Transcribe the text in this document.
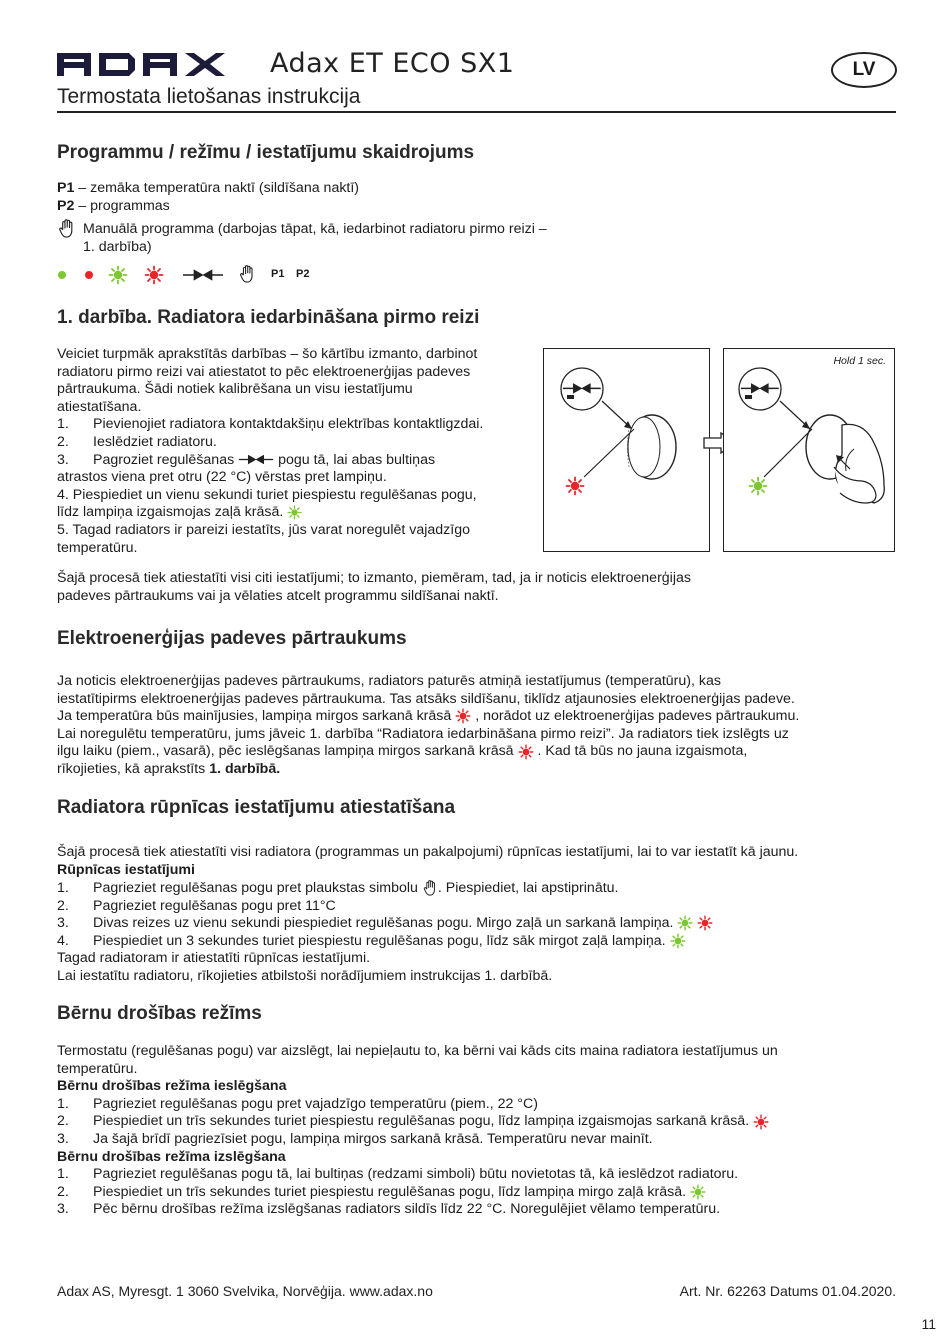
Adax ET ECO SX1
Termostata lietošanas instrukcija
LV
Programmu / režīmu / iestatījumu skaidrojums

P1 – zemāka temperatūra naktī (sildīšana naktī)

P2 – programmas

Manuālā programma (darbojas tāpat, kā, iedarbinot radiatoru pirmo reizi –

1. darbība)

P1 P2
1. darbība. Radiatora iedarbināšana pirmo reizi

Veiciet turpmāk aprakstītās darbības – šo kārtību izmanto, darbinot

radiatoru pirmo reizi vai atiestatot to pēc elektroenerģijas padeves

pārtraukuma. Šādi notiek kalibrēšana un visu iestatījumu

atiestatīšana.

1. Pievienojiet radiatora kontaktdakšiņu elektrības kontaktligzdai.

2. Ieslēdziet radiatoru.

3. Pagroziet regulēšanas	pogu tā, lai abas bultiņas

atrastos viena pret otru (22 °C) vērstas pret lampiņu.

4. Piespiediet un vienu sekundi turiet piespiestu regulēšanas pogu,

līdz lampiņa izgaismojas zaļā krāsā.

5. Tagad radiators ir pareizi iestatīts, jūs varat noregulēt vajadzīgo

temperatūru.

Hold 1 sec.

Šajā procesā tiek atiestatīti visi citi iestatījumi; to izmanto, piemēram, tad, ja ir noticis elektroenerģijas

padeves pārtraukums vai ja vēlaties atcelt programmu sildīšanai naktī.

Elektroenerģijas padeves pārtraukums

Ja noticis elektroenerģijas padeves pārtraukums, radiators paturēs atmiņā iestatījumus (temperatūru), kas

iestatītipirms elektroenerģijas padeves pārtraukuma. Tas atsāks sildīšanu, tiklīdz atjaunosies elektroenerģijas padeve.

Ja temperatūra būs mainījusies, lampiņa mirgos sarkanā krāsā , norādot uz elektroenerģijas padeves pārtraukumu.

Lai noregulētu temperatūru, jums jāveic 1. darbība “Radiatora iedarbināšana pirmo reizi”. Ja radiators tiek izslēgts uz

ilgu laiku (piem., vasarā), pēc ieslēgšanas lampiņa mirgos sarkanā krāsā . Kad tā būs no jauna izgaismota,

rīkojieties, kā aprakstīts 1. darbībā.

Radiatora rūpnīcas iestatījumu atiestatīšana

Šajā procesā tiek atiestatīti visi radiatora (programmas un pakalpojumi) rūpnīcas iestatījumi, lai to var iestatīt kā jaunu.

Rūpnīcas iestatījumi

1. Pagrieziet regulēšanas pogu pret plaukstas simbolu . Piespiediet, lai apstiprinātu.

2. Pagrieziet regulēšanas pogu pret 11°C

3. Divas reizes uz vienu sekundi piespiediet regulēšanas pogu. Mirgo zaļā un sarkanā lampiņa.

4. Piespiediet un 3 sekundes turiet piespiestu regulēšanas pogu, līdz sāk mirgot zaļā lampiņa.

Tagad radiatoram ir atiestatīti rūpnīcas iestatījumi.

Lai iestatītu radiatoru, rīkojieties atbilstoši norādījumiem instrukcijas 1. darbībā.

Bērnu drošības režīms

Termostatu (regulēšanas pogu) var aizslēgt, lai nepieļautu to, ka bērni vai kāds cits maina radiatora iestatījumus un

temperatūru.

Bērnu drošības režīma ieslēgšana

1. Pagrieziet regulēšanas pogu pret vajadzīgo temperatūru (piem., 22 °C)

2. Piespiediet un trīs sekundes turiet piespiestu regulēšanas pogu, līdz lampiņa izgaismojas sarkanā krāsā.

3. Ja šajā brīdī pagriezīsiet pogu, lampiņa mirgos sarkanā krāsā. Temperatūru nevar mainīt.

Bērnu drošības režīma izslēgšana

1. Pagrieziet regulēšanas pogu tā, lai bultiņas (redzami simboli) būtu novietotas tā, kā ieslēdzot radiatoru.

2. Piespiediet un trīs sekundes turiet piespiestu regulēšanas pogu, līdz lampiņa mirgo zaļā krāsā.

3. Pēc bērnu drošības režīma izslēgšanas radiators sildīs līdz 22 °C. Noregulējiet vēlamo temperatūru.

Adax AS, Myresgt. 1 3060 Svelvika, Norvēģija. www.adax.no	Art. Nr. 62263 Datums 01.04.2020.
11
